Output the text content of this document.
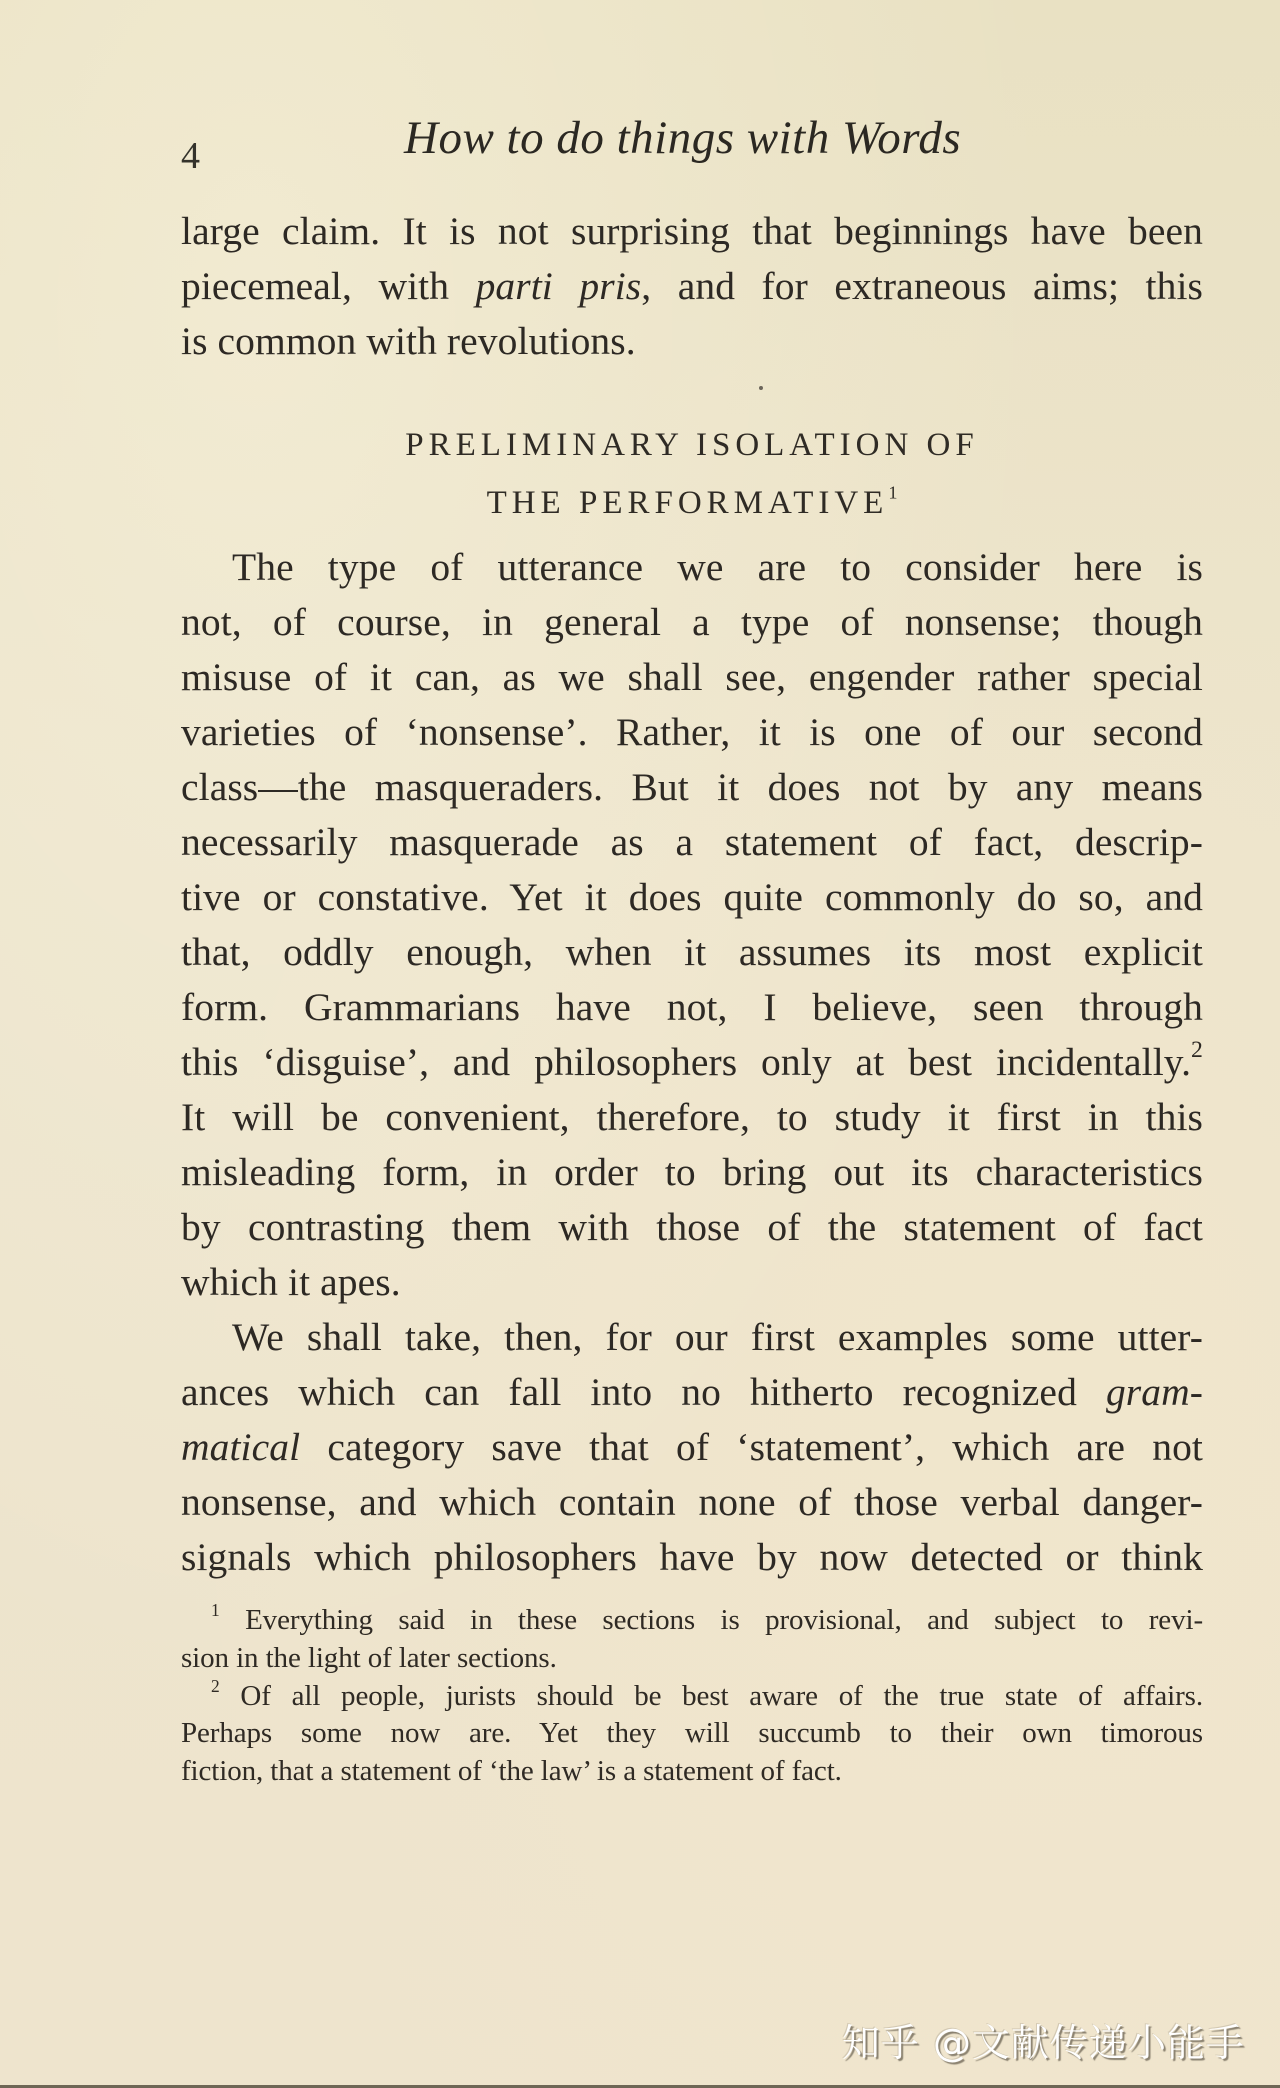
4	How to do things with Words
large claim. It is not surprising that beginnings have been
piecemeal, with parti pris, and for extraneous aims; this
is common with revolutions.
PRELIMINARY ISOLATION OF
THE PERFORMATIVE$^1$
The type of utterance we are to consider here is
not, of course, in general a type of nonsense; though
misuse of it can, as we shall see, engender rather special
varieties of ‘nonsense’. Rather, it is one of our second
class—the masqueraders. But it does not by any means
necessarily masquerade as a statement of fact, descrip-
tive or constative. Yet it does quite commonly do so, and
that, oddly enough, when it assumes its most explicit
form. Grammarians have not, I believe, seen through
this ‘disguise’, and philosophers only at best incidentally.$^2$
It will be convenient, therefore, to study it first in this
misleading form, in order to bring out its characteristics
by contrasting them with those of the statement of fact
which it apes.
We shall take, then, for our first examples some utter-
ances which can fall into no hitherto recognized gram-
matical category save that of ‘statement’, which are not
nonsense, and which contain none of those verbal danger-
signals which philosophers have by now detected or think
$^1$ Everything said in these sections is provisional, and subject to revi-
sion in the light of later sections.
$^2$ Of all people, jurists should be best aware of the true state of affairs.
Perhaps some now are. Yet they will succumb to their own timorous
fiction, that a statement of ‘the law’ is a statement of fact.
知乎 @文献传递小能手
